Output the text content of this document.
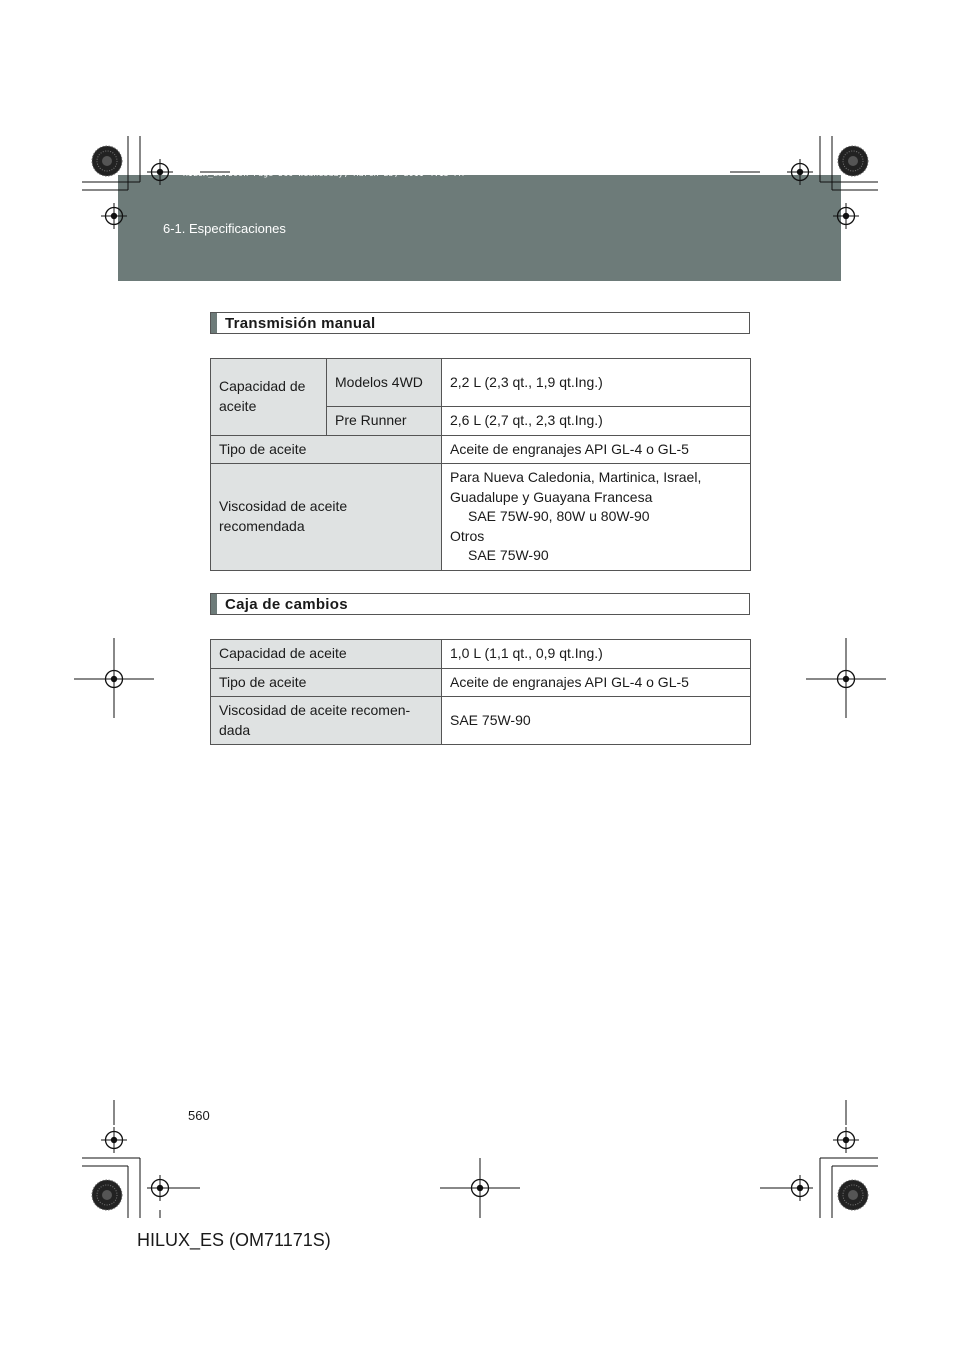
6-1. Especificaciones
HILUX_ES.book Page 560 Wednesday, March 23, 2011 4:15 PM
Transmisión manual
Capacidad de aceite	Modelos 4WD	2,2 L (2,3 qt., 1,9 qt.Ing.)
	Pre Runner	2,6 L (2,7 qt., 2,3 qt.Ing.)
Tipo de aceite		Aceite de engranajes API GL-4 o GL-5
Viscosidad de aceite recomendada		Para Nueva Caledonia, Martinica, Israel, Guadalupe y Guayana Francesa
SAE 75W-90, 80W u 80W-90
Otros
SAE 75W-90
Caja de cambios
Capacidad de aceite	1,0 L (1,1 qt., 0,9 qt.Ing.)
Tipo de aceite	Aceite de engranajes API GL-4 o GL-5
Viscosidad de aceite recomen-dada	SAE 75W-90
560
HILUX_ES (OM71171S)
